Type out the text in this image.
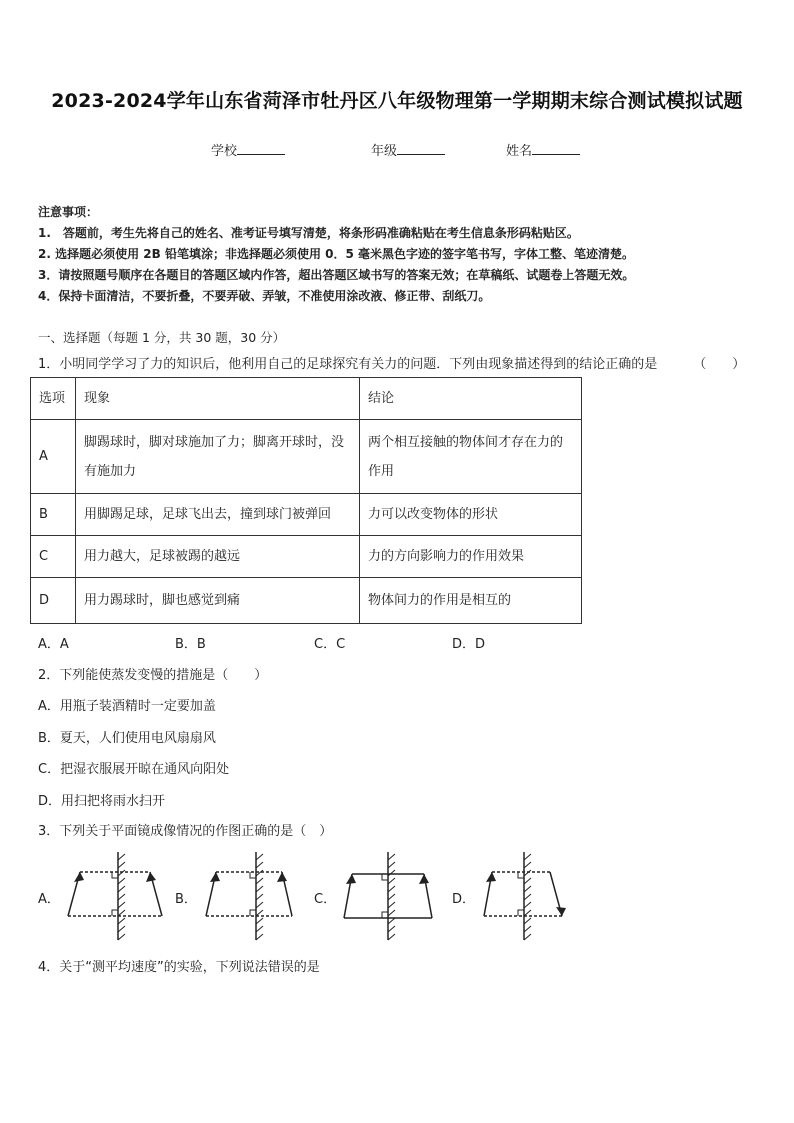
2023-2024学年山东省菏泽市牡丹区八年级物理第一学期期末综合测试模拟试题
学校	年级	姓名
注意事项：
1.　答题前，考生先将自己的姓名、准考证号填写清楚，将条形码准确粘贴在考生信息条形码粘贴区。
2. 选择题必须使用 2B 铅笔填涂；非选择题必须使用 0．5 毫米黑色字迹的签字笔书写，字体工整、笔迹清楚。
3．请按照题号顺序在各题目的答题区域内作答，超出答题区域书写的答案无效；在草稿纸、试题卷上答题无效。
4．保持卡面清洁，不要折叠，不要弄破、弄皱，不准使用涂改液、修正带、刮纸刀。
一、选择题（每题 1 分，共 30 题，30 分）
1．小明同学学习了力的知识后，他利用自己的足球探究有关力的问题．下列由现象描述得到的结论正确的是	（　　）
选项	现象	结论
A	脚踢球时，脚对球施加了力；脚离开球时，没有施加力	两个相互接触的物体间才存在力的作用
B	用脚踢足球，足球飞出去，撞到球门被弹回	力可以改变物体的形状
C	用力越大，足球被踢的越远	力的方向影响力的作用效果
D	用力踢球时，脚也感觉到痛	物体间力的作用是相互的
A．A	B．B	C．C	D．D
2．下列能使蒸发变慢的措施是（　　）
A．用瓶子装酒精时一定要加盖
B．夏天，人们使用电风扇扇风
C．把湿衣服展开晾在通风向阳处
D．用扫把将雨水扫开
3．下列关于平面镜成像情况的作图正确的是（　）
A．	B．	C．	D．
4．关于“测平均速度”的实验，下列说法错误的是
